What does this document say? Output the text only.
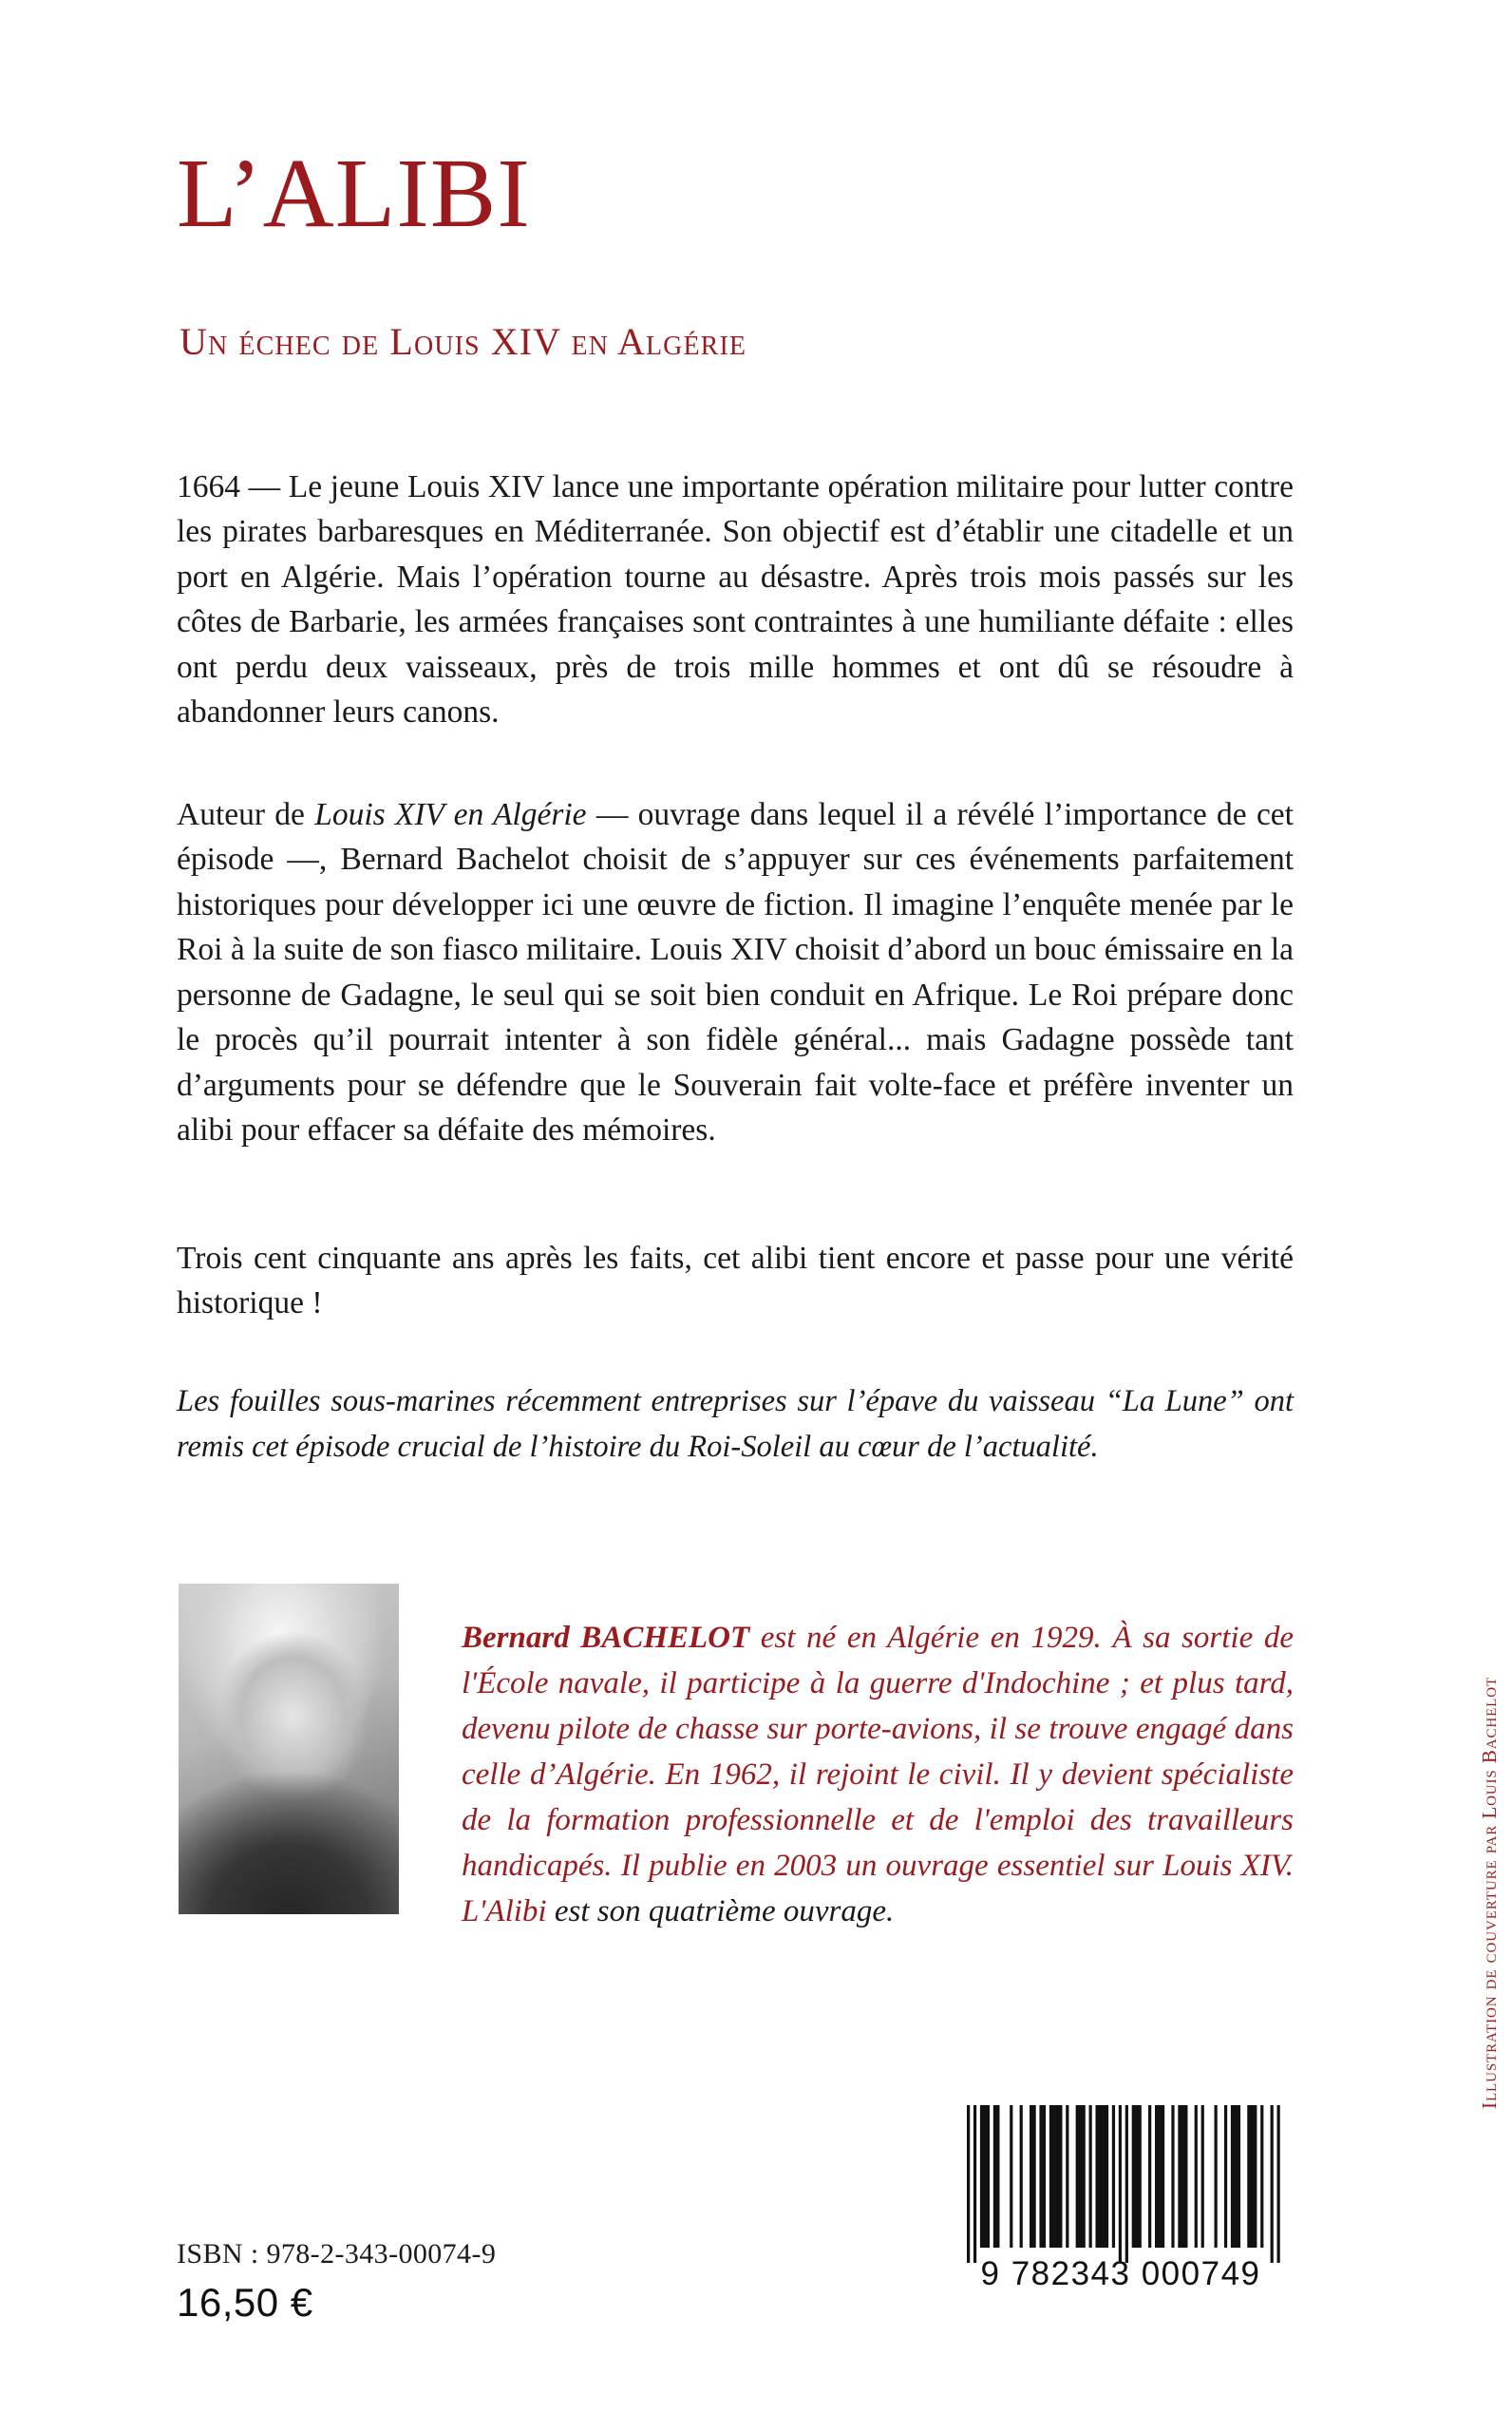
L’ALIBI
Un échec de Louis XIV en Algérie

1664 — Le jeune Louis XIV lance une importante opération militaire pour lutter contre les pirates barbaresques en Méditerranée. Son objectif est d’établir une citadelle et un port en Algérie. Mais l’opération tourne au désastre. Après trois mois passés sur les côtes de Barbarie, les armées françaises sont contraintes à une humiliante défaite : elles ont perdu deux vaisseaux, près de trois mille hommes et ont dû se résoudre à abandonner leurs canons.

Auteur de Louis XIV en Algérie — ouvrage dans lequel il a révélé l’importance de cet épisode —, Bernard Bachelot choisit de s’appuyer sur ces événements parfaitement historiques pour développer ici une œuvre de fiction. Il imagine l’enquête menée par le Roi à la suite de son fiasco militaire. Louis XIV choisit d’abord un bouc émissaire en la personne de Gadagne, le seul qui se soit bien conduit en Afrique. Le Roi prépare donc le procès qu’il pourrait intenter à son fidèle général... mais Gadagne possède tant d’arguments pour se défendre que le Souverain fait volte-face et préfère inventer un alibi pour effacer sa défaite des mémoires.

Trois cent cinquante ans après les faits, cet alibi tient encore et passe pour une vérité historique !

Les fouilles sous-marines récemment entreprises sur l’épave du vaisseau “La Lune” ont remis cet épisode crucial de l’histoire du Roi-Soleil au cœur de l’actualité.

Bernard BACHELOT est né en Algérie en 1929. À sa sortie de l'École navale, il participe à la guerre d'Indochine ; et plus tard, devenu pilote de chasse sur porte-avions, il se trouve engagé dans celle d’Algérie. En 1962, il rejoint le civil. Il y devient spécialiste de la formation professionnelle et de l'emploi des travailleurs handicapés. Il publie en 2003 un ouvrage essentiel sur Louis XIV. L'Alibi est son quatrième ouvrage.	Illustration de couverture par Louis Bachelot
ISBN : 978-2-343-00074-9
16,50 €
9 782343 000749
